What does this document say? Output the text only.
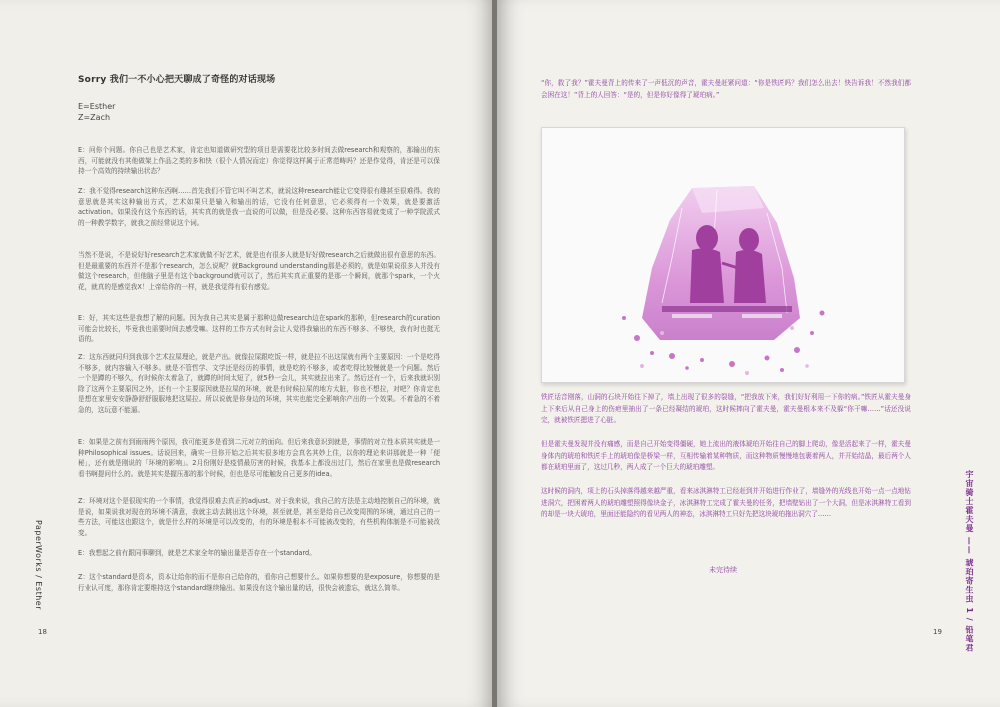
Sorry 我们一不小心把天聊成了奇怪的对话现场
E=Esther
Z=Zach
E：问你个问题。你自己也是艺术家，肯定也知道做研究型的项目是需要花比较多时间去做research和观察的，那输出的东西，可能就没有其他做架上作品之类的多和快（很个人情况而定）你觉得这样属于正常范畴吗？还是作觉得，肯还是可以保持一个高效的持续输出状态？
Z：我不觉得research这种东西啊……首先我们不管它叫不叫艺术，就说这种research能让它变得很有趣甚至很难得。我的意思就是其实这种输出方式，艺术如果只是输入和输出的话，它没有任何意思，它必须得有一个效果，就是要激活activation。如果没有这个东西的话，其实真的就是我一直说的可以做，但是没必要。这种东西容易就变成了一种学院派式的一种教学数字，就我之前经常说这个词。
当然不是说，不是说好好research艺术家就做不好艺术，就是也有很多人就是好好做research之后就做出很有意思的东西。但是最重要的东西并不是那个research，怎么说呢？就Background understanding那是必须的，就是如果说很多人并没有做这个research，但他脑子里是有这个background就可以了，然后其实真正重要的是那一个瞬间，就那个spark，一个火花，就真的是感觉我X！上帝给你的一样，就是我觉得有很有感觉。
E：好，其实这些是我想了解的问题。因为我自己其实是属于那种边做research边在spark的那种，但research的curation可能会比较长，毕竟我也需要时间去感受嘛。这样的工作方式有时会让人觉得我输出的东西不够多、不够快，我有时也挺无语的。
Z：这东西就同归到我那个艺术拉屎理论，就是产出。就像拉屎跟吃饭一样，就是拉不出这屎就有两个主要原因：一个是吃得不够多，就内容输入不够多。就是不管哲学、文学还是经历的事情，就是吃的不够多，或者吃得比较慢就是一个问题。然后一个是蹲的不够久，有时候你太着急了，就蹲的时间太短了，就5秒一会儿，其实就拉出来了。然后还有一个，后来我就识别除了这两个主要原因之外，还有一个主要原因就是拉屎的环境，就是有时候拉屎的地方太脏，你也不想拉，对吧？你肯定也是想在家里安安静静舒舒服服地把这屎拉。所以说就是你身边的环境，其实也能完全影响你产出的一个效果。不着急的不着急的，这玩意不能逼。
E：如果是之前有到雨雨两个原因，我可能更多是看到二元对立的面向。但后来我意识到就是，事情的对立性本质其实就是一种Philosophical issues。话说回来，确实一旦你开始之后其实很多地方会真名其妙上住，以你的理论来讲那就是一种「便秘」，还有就是刚说的「环境的影响」。2月份刚好是疫情最厉害的时候，我基本上都没出过门，然后在家里也是做research看书啊提问什么的。就是其实是握压那的那个时候，但也是尽可能触发自己更多的idea。
Z：环境对这个是很现实的一个事情，我觉得很难去真正的adjust。对于我来说，我自己的方法是主动地控制自己的环境，就是说，如果说我对现在的环境不满意，我就主动去跳出这个环境，甚至就是，甚至是给自己改变周围的环境，通过自己的一些方法，可能这也跟这个，就是什么样的环境是可以改变的，有的环境是根本不可能被改变的，有些机构体制是不可能被改变。
E：我想起之前有跟同事聊到，就是艺术家全年的输出量是否存在一个standard。
Z：这个standard是资本，资本让给你的而不是你自己给你的，看你自己想要什么。如果你想要的是exposure，你想要的是行业认可度，那你肯定要维持这个standard继续输出。如果没有这个输出量的话，很快会被遗忘，就这么简单。
PaperWorks / Esther
18
“你，救了我？”霍夫曼背上的传来了一声低沉的声音，霍夫曼赶紧问道：“你是铁匠吗？我们怎么出去！快告诉我！不然我们都会困在这！”背上的人回答：“是的，但是你好像得了琥珀病。”
铁匠话音刚落，山洞的石块开始往下掉了，墙上出现了很多的裂缝，“把我放下来，我们好好利用一下你的病。”铁匠从霍夫曼身上下来后从自己身上的伤疤里抽出了一条已经凝结的琥珀，这时候摔向了霍夫曼，霍夫曼根本来不及躲“你干嘛……”话还没说完，就被铁匠摁进了心脏。
但是霍夫曼发现并没有痛感，而是自己开始变得僵硬，她上流出的液体琥珀开始往自己的脚上爬动，像是活起来了一样，霍夫曼身体内的琥珀和铁匠手上的琥珀像是桥梁一样，互相传输着某种物质，而这种物质慢慢地包裹着两人，并开始结晶，最后两个人都在琥珀里面了，这过几秒，两人成了一个巨大的琥珀雕塑。
这时候的洞内，项上的石头掉落得越来越严重，看来冰淇淋特工已经赶到并开始进行作业了，墙缝外的光线也开始一点一点地钻进洞穴，把困着两人的琥珀雕塑照得像块金子，冰淇淋特工完成了霍夫曼的任务，把墙壁钻出了一个大洞，但是冰淇淋特工看到的却是一块大琥珀，里面还能隐约的看见两人的神态，冰淇淋特工只好先把这块琥珀拖出洞穴了……
未完待续	宇宙骑士霍夫曼 —— 琥珀寄生虫 1 / 铅笔君
19
